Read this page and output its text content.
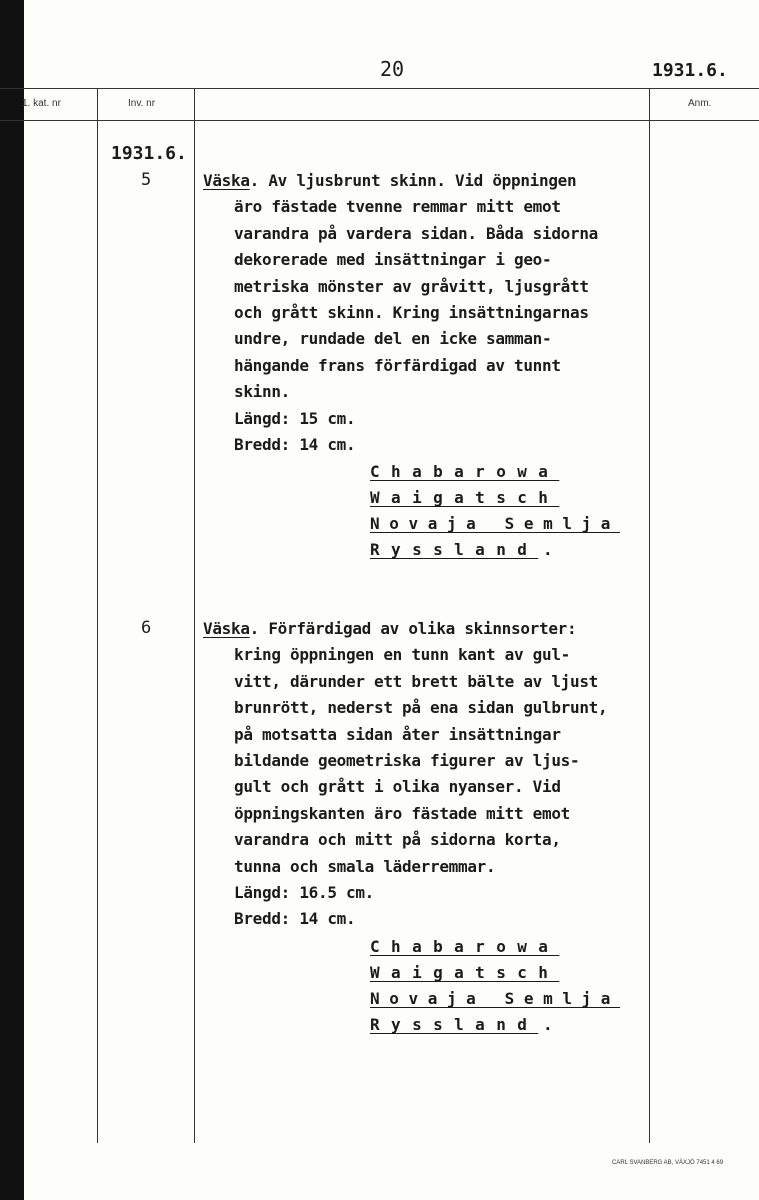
20	1931.6.
1. kat. nr	Inv. nr	Anm.
1931.6.
5	Väska. Av ljusbrunt skinn. Vid öppningen
äro fästade tvenne remmar mitt emot
varandra på vardera sidan. Båda sidorna
dekorerade med insättningar i geo-
metriska mönster av gråvitt, ljusgrått
och grått skinn. Kring insättningarnas
undre, rundade del en icke samman-
hängande frans förfärdigad av tunnt
skinn.
Längd: 15 cm.
Bredd: 14 cm.
Chabarowa
Waigatsch
Novaja Semlja
Ryssland .
6	Väska. Förfärdigad av olika skinnsorter:
kring öppningen en tunn kant av gul-
vitt, därunder ett brett bälte av ljust
brunrött, nederst på ena sidan gulbrunt,
på motsatta sidan åter insättningar
bildande geometriska figurer av ljus-
gult och grått i olika nyanser. Vid
öppningskanten äro fästade mitt emot
varandra och mitt på sidorna korta,
tunna och smala läderremmar.
Längd: 16.5 cm.
Bredd: 14 cm.
Chabarowa
Waigatsch
Novaja Semlja
Ryssland .
CARL SVANBERG AB, VÄXJÖ 7451 4 69
